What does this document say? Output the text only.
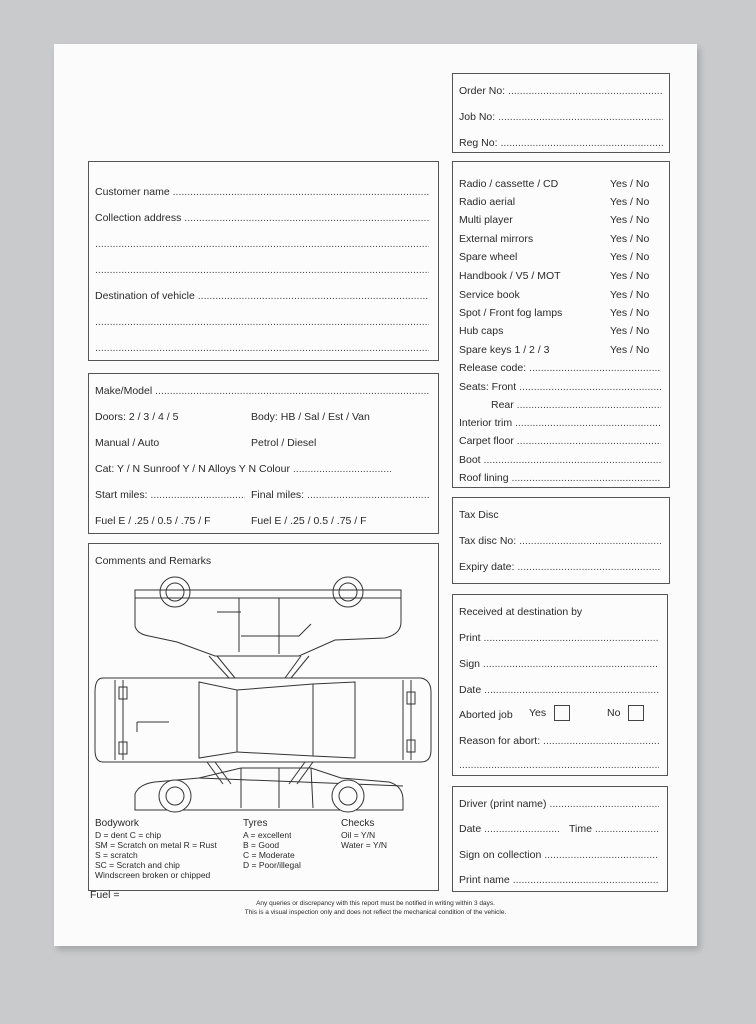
Order No: .....
Job No: .....
Reg No: .....
Customer name .....
Collection address .....
.....
.....
Destination of vehicle .....
.....
.....
Make/Model .....
Doors: 2 / 3 / 4 / 5	Body: HB / Sal / Est / Van
Manual / Auto	Petrol / Diesel
Cat: Y / N Sunroof Y / N Alloys Y N Colour .....
Start miles: .....	Final miles: .....
Fuel E / .25 / 0.5 / .75 / F	Fuel E / .25 / 0.5 / .75 / F
Comments and Remarks
Bodywork
D = dent C = chip
SM = Scratch on metal R = Rust
S = scratch
SC = Scratch and chip
Windscreen broken or chipped
Tyres
A = excellent
B = Good
C = Moderate
D = Poor/illegal
Checks
Oil = Y/N
Water = Y/N
Fuel =
Radio / cassette / CD	Yes / No
Radio aerial	Yes / No
Multi player	Yes / No
External mirrors	Yes / No
Spare wheel	Yes / No
Handbook / V5 / MOT	Yes / No
Service book	Yes / No
Spot / Front fog lamps	Yes / No
Hub caps	Yes / No
Spare keys 1 / 2 / 3	Yes / No
Release code: .....
Seats: Front .....
Rear .....
Interior trim .....
Carpet floor .....
Boot .....
Roof lining .....
Tax Disc
Tax disc No: .....
Expiry date: .....
Received at destination by
Print .....
Sign .....
Date .....
Aborted job Yes	No
Reason for abort: .....
.....
Driver (print name) .....
Date .....	Time .....
Sign on collection .....
Print name .....
Any queries or discrepancy with this report must be notified in writing within 3 days.
This is a visual inspection only and does not reflect the mechanical condition of the vehicle.
